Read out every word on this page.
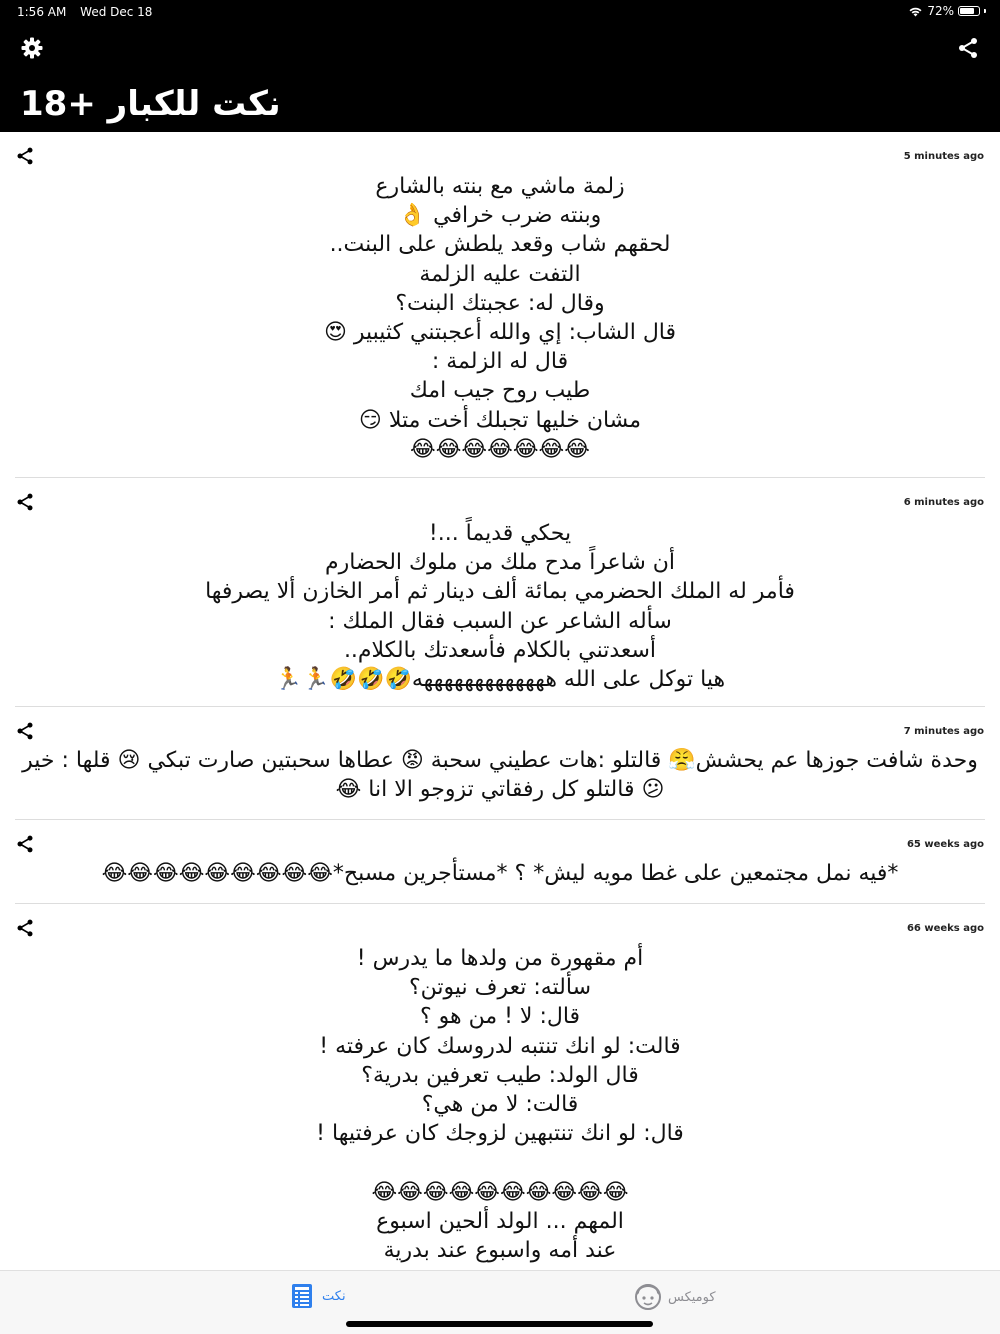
1:56 AM Wed Dec 18	72%
نكت للكبار +18
5 minutes ago

زلمة ماشي مع بنته بالشارع
وبنته ضرب خرافي 👌
لحقهم شاب وقعد يلطش على البنت..
التفت عليه الزلمة
وقال له: عجبتك البنت؟
قال الشاب: إي والله أعجبتني كثيبير 😍
قال له الزلمة :
طيب روح جيب امك
مشان خليها تجبلك أخت متلا 😏
😂😂😂😂😂😂😂

6 minutes ago

يحكي قديماً ...!
أن شاعراً مدح ملك من ملوك الحضارم
فأمر له الملك الحضرمي بمائة ألف دينار ثم أمر الخازن ألا يصرفها
سأله الشاعر عن السبب فقال الملك :
أسعدتني بالكلام فأسعدتك بالكلام..
هيا توكل على الله هههههههههههههه🤣🤣🤣🏃🏃

7 minutes ago

وحدة شافت جوزها عم يحشش😤 قالتلو :هات عطيني سحبة 😡 عطاها سحبتين صارت تبكي 😢 قلها : خير
😕 قالتلو كل رفقاتي تزوجو الا انا 😂

65 weeks ago

*فيه نمل مجتمعين على غطا مويه ليش* ؟ *مستأجرين مسبح*😂😂😂😂😂😂😂😂😂

66 weeks ago

أم مقهورة من ولدها ما يدرس !
سألته: تعرف نيوتن؟
قال: لا ! من هو ؟
قالت: لو انك تنتبه لدروسك كان عرفته !
قال الولد: طيب تعرفين بدرية؟
قالت: لا من هي؟
قال: لو انك تنتبهين لزوجك كان عرفتيها !

😂😂😂😂😂😂😂😂😂😂
المهم ... الولد ألحين اسبوع
عند أمه واسبوع عند بدرية

نكت	كوميكس
